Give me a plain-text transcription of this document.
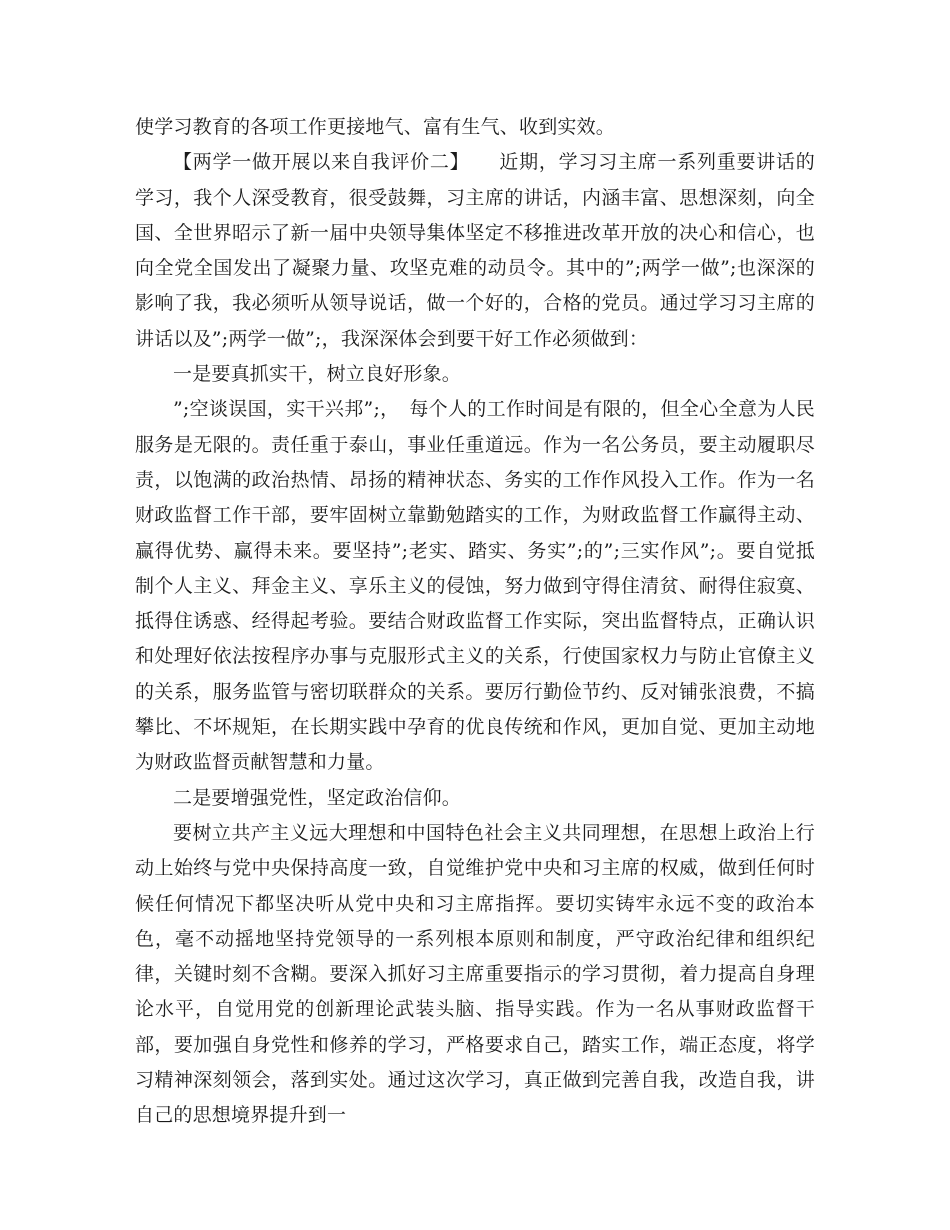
使学习教育的各项工作更接地气、富有生气、收到实效。

【两学一做开展以来自我评价二】　　近期，学习习主席一系列重要讲话的学习，我个人深受教育，很受鼓舞，习主席的讲话，内涵丰富、思想深刻，向全国、全世界昭示了新一届中央领导集体坚定不移推进改革开放的决心和信心，也向全党全国发出了凝聚力量、攻坚克难的动员令。其中的”;两学一做”;也深深的影响了我，我必须听从领导说话，做一个好的，合格的党员。通过学习习主席的讲话以及”;两学一做”;，我深深体会到要干好工作必须做到：

一是要真抓实干，树立良好形象。

”;空谈误国，实干兴邦”;，　每个人的工作时间是有限的，但全心全意为人民服务是无限的。责任重于泰山，事业任重道远。作为一名公务员，要主动履职尽责，以饱满的政治热情、昂扬的精神状态、务实的工作作风投入工作。作为一名财政监督工作干部，要牢固树立靠勤勉踏实的工作，为财政监督工作赢得主动、赢得优势、赢得未来。要坚持”;老实、踏实、务实”;的”;三实作风”;。要自觉抵制个人主义、拜金主义、享乐主义的侵蚀，努力做到守得住清贫、耐得住寂寞、抵得住诱惑、经得起考验。要结合财政监督工作实际，突出监督特点，正确认识和处理好依法按程序办事与克服形式主义的关系，行使国家权力与防止官僚主义的关系，服务监管与密切联群众的关系。要厉行勤俭节约、反对铺张浪费，不搞攀比、不坏规矩，在长期实践中孕育的优良传统和作风，更加自觉、更加主动地为财政监督贡献智慧和力量。

二是要增强党性，坚定政治信仰。

要树立共产主义远大理想和中国特色社会主义共同理想，在思想上政治上行动上始终与党中央保持高度一致，自觉维护党中央和习主席的权威，做到任何时候任何情况下都坚决听从党中央和习主席指挥。要切实铸牢永远不变的政治本色，毫不动摇地坚持党领导的一系列根本原则和制度，严守政治纪律和组织纪律，关键时刻不含糊。要深入抓好习主席重要指示的学习贯彻，着力提高自身理论水平，自觉用党的创新理论武装头脑、指导实践。作为一名从事财政监督干部，要加强自身党性和修养的学习，严格要求自己，踏实工作，端正态度，将学习精神深刻领会，落到实处。通过这次学习，真正做到完善自我，改造自我，讲自己的思想境界提升到一
